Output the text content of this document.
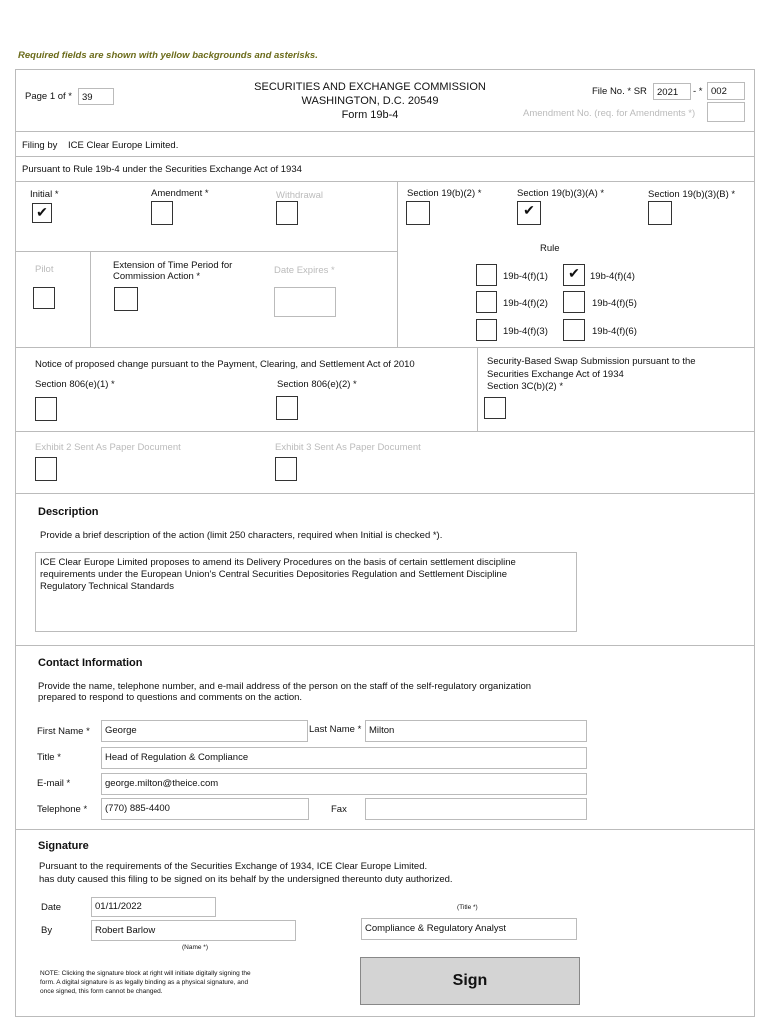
Required fields are shown with yellow backgrounds and asterisks.
Page 1 of *	39
SECURITIES AND EXCHANGE COMMISSION
WASHINGTON, D.C. 20549
Form 19b-4
File No. * SR	2021	- * 002
Amendment No. (req. for Amendments *)
Filing by ICE Clear Europe Limited.
Pursuant to Rule 19b-4 under the Securities Exchange Act of 1934
Initial *
✔
Amendment *	Withdrawal	Section 19(b)(2) *	Section 19(b)(3)(A) *
✔
Section 19(b)(3)(B) *
Pilot	Extension of Time Period for Commission Action *
Date Expires *
Rule
19b-4(f)(1)	✔	19b-4(f)(4)
19b-4(f)(2)	19b-4(f)(5)
19b-4(f)(3)	19b-4(f)(6)
Notice of proposed change pursuant to the Payment, Clearing, and Settlement Act of 2010
Section 806(e)(1) *	Section 806(e)(2) *
Security-Based Swap Submission pursuant to the
Securities Exchange Act of 1934
Section 3C(b)(2) *
Exhibit 2 Sent As Paper Document	Exhibit 3 Sent As Paper Document
Description
Provide a brief description of the action (limit 250 characters, required when Initial is checked *).
ICE Clear Europe Limited proposes to amend its Delivery Procedures on the basis of certain settlement discipline
requirements under the European Union's Central Securities Depositories Regulation and Settlement Discipline
Regulatory Technical Standards
Contact Information
Provide the name, telephone number, and e-mail address of the person on the staff of the self-regulatory organization
prepared to respond to questions and comments on the action.
First Name *	George	Last Name * Milton
Title *	Head of Regulation & Compliance
E-mail *	george.milton@theice.com
Telephone *	(770) 885-4400	Fax
Signature
Pursuant to the requirements of the Securities Exchange of 1934, ICE Clear Europe Limited.
has duty caused this filing to be signed on its behalf by the undersigned thereunto duty authorized.
Date	01/11/2022	(Title *)
By	Robert Barlow	Compliance & Regulatory Analyst
(Name *)
NOTE: Clicking the signature block at right will initiate digitally signing the
form. A digital signature is as legally binding as a physical signature, and
once signed, this form cannot be changed.
Sign
